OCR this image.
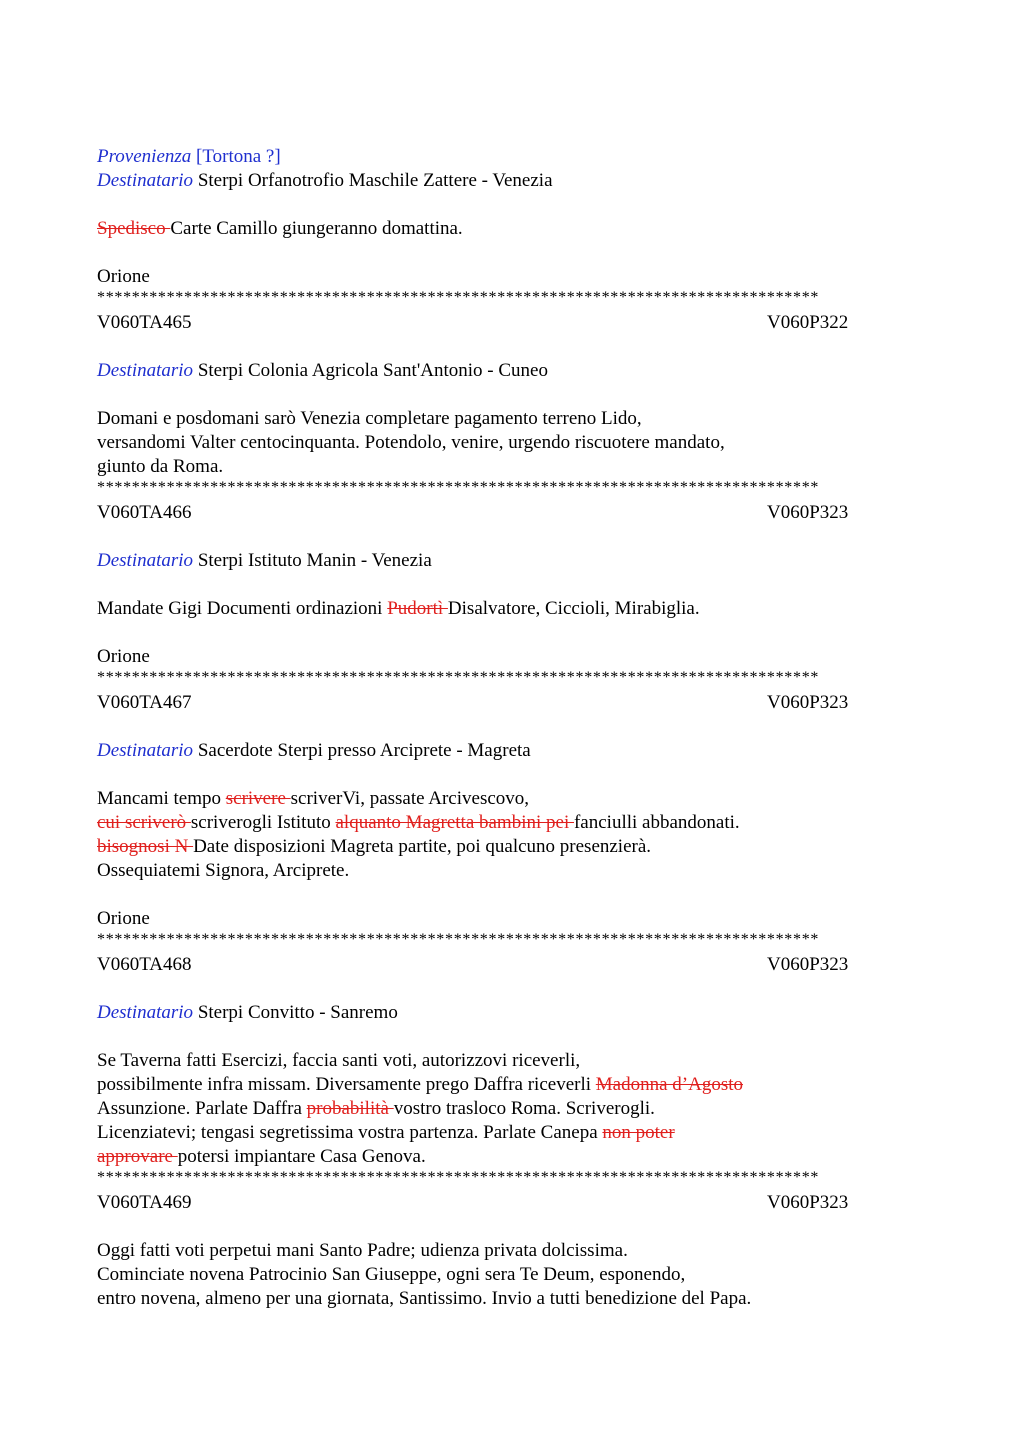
Provenienza [Tortona ?]
Destinatario Sterpi Orfanotrofio Maschile Zattere - Venezia
Spedisco Carte Camillo giungeranno domattina.
Orione
***********************************************************************************
V060TA465	V060P322
Destinatario Sterpi Colonia Agricola Sant'Antonio - Cuneo
Domani e posdomani sarò Venezia completare pagamento terreno Lido,
versandomi Valter centocinquanta. Potendolo, venire, urgendo riscuotere mandato,
giunto da Roma.
***********************************************************************************
V060TA466	V060P323
Destinatario Sterpi Istituto Manin - Venezia
Mandate Gigi Documenti ordinazioni Pudortì Disalvatore, Ciccioli, Mirabiglia.
Orione
***********************************************************************************
V060TA467	V060P323
Destinatario Sacerdote Sterpi presso Arciprete - Magreta
Mancami tempo scrivere scriverVi, passate Arcivescovo,
cui scriverò scriverogli Istituto alquanto Magretta bambini pei fanciulli abbandonati.
bisognosi N Date disposizioni Magreta partite, poi qualcuno presenzierà.
Ossequiatemi Signora, Arciprete.
Orione
***********************************************************************************
V060TA468	V060P323
Destinatario Sterpi Convitto - Sanremo
Se Taverna fatti Esercizi, faccia santi voti, autorizzovi riceverli,
possibilmente infra missam. Diversamente prego Daffra riceverli Madonna d’Agosto
Assunzione. Parlate Daffra probabilità vostro trasloco Roma. Scriverogli.
Licenziatevi; tengasi segretissima vostra partenza. Parlate Canepa non poter
approvare potersi impiantare Casa Genova.
***********************************************************************************
V060TA469	V060P323
Oggi fatti voti perpetui mani Santo Padre; udienza privata dolcissima.
Cominciate novena Patrocinio San Giuseppe, ogni sera Te Deum, esponendo,
entro novena, almeno per una giornata, Santissimo. Invio a tutti benedizione del Papa.
